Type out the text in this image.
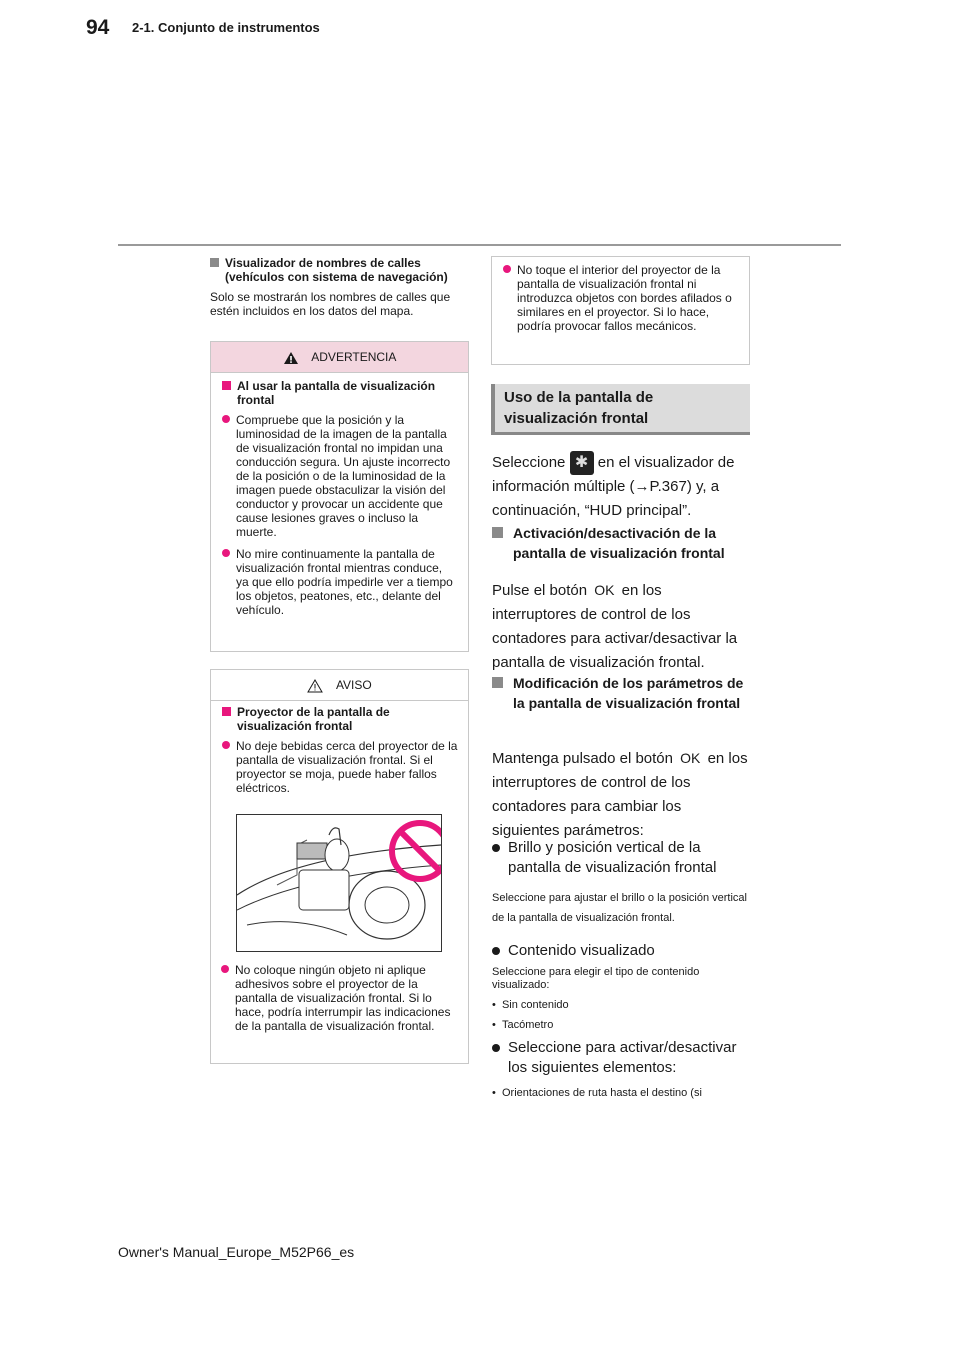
94 2-1. Conjunto de instrumentos
Visualizador de nombres de calles (vehículos con sistema de navegación)
Solo se mostrarán los nombres de calles que estén incluidos en los datos del mapa.
ADVERTENCIA
Al usar la pantalla de visualización frontal
Compruebe que la posición y la luminosidad de la imagen de la pantalla de visualización frontal no impidan una conducción segura. Un ajuste incorrecto de la posición o de la luminosidad de la imagen puede obstaculizar la visión del conductor y provocar un accidente que cause lesiones graves o incluso la muerte.
No mire continuamente la pantalla de visualización frontal mientras conduce, ya que ello podría impedirle ver a tiempo los objetos, peatones, etc., delante del vehículo.
AVISO
Proyector de la pantalla de visualización frontal
No deje bebidas cerca del proyector de la pantalla de visualización frontal. Si el proyector se moja, puede haber fallos eléctricos.
No coloque ningún objeto ni aplique adhesivos sobre el proyector de la pantalla de visualización frontal. Si lo hace, podría interrumpir las indicaciones de la pantalla de visualización frontal.
No toque el interior del proyector de la pantalla de visualización frontal ni introduzca objetos con bordes afilados o similares en el proyector. Si lo hace, podría provocar fallos mecánicos.
Uso de la pantalla de visualización frontal
Seleccione ✱ en el visualizador de información múltiple (→P.367) y, a continuación, “HUD principal”.
Activación/desactivación de la pantalla de visualización frontal
Pulse el botón OK en los interruptores de control de los contadores para activar/desactivar la pantalla de visualización frontal.
Modificación de los parámetros de la pantalla de visualización frontal
Mantenga pulsado el botón OK en los interruptores de control de los contadores para cambiar los siguientes parámetros:
Brillo y posición vertical de la pantalla de visualización frontal
Seleccione para ajustar el brillo o la posición vertical de la pantalla de visualización frontal.
Contenido visualizado
Seleccione para elegir el tipo de contenido visualizado:
•  Sin contenido
•  Tacómetro
Seleccione para activar/desactivar los siguientes elementos:
•  Orientaciones de ruta hasta el destino (si
Owner's Manual_Europe_M52P66_es
